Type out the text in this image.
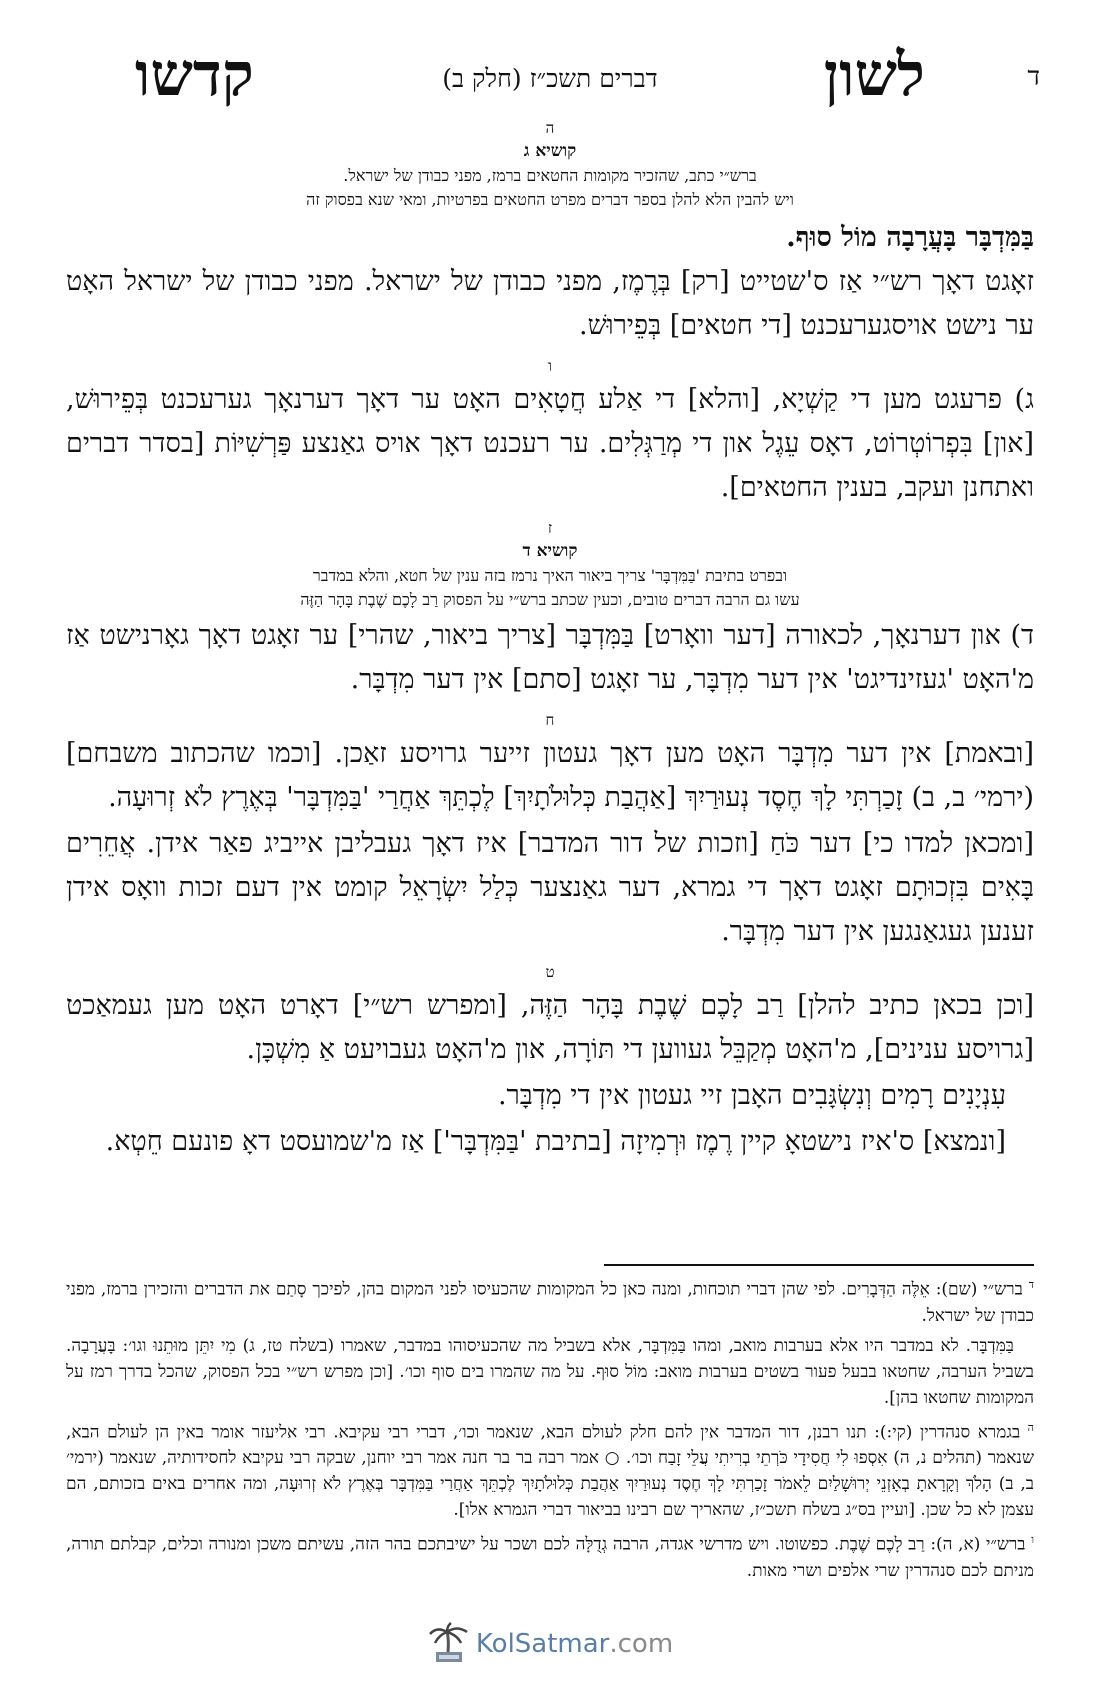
ד
לשון
דברים תשכ״ז (חלק ב)
קדשו

ה

קושיא ג

ברש״י כתב, שהזכיר מקומות החטאים ברמז, מפני כבודן של ישראל.

ויש להבין הלא להלן בספר דברים מפרט החטאים בפרטיות, ומאי שנא בפסוק זה

בַּמִּדְבָּר בָּעֲרָבָה מוֹל סוּף.

זאָגט דאָך רש״י אַז ס'שטייט [רק] בְּרֶמֶז, מפני כבודן של ישראל. מפני כבודן של ישראל האָט ער נישט אויסגערעכנט [די חטאים] בְּפֵירוּשׁ.

ו

ג) פרעגט מען די קַשְׁיָא, [והלא] די אַלע חֲטָאִים האָט ער דאָך דערנאָך גערעכנט בְּפֵירוּשׁ, [און] בִּפְרוֹטְרוֹט, דאָס עֵגֶל און די מְרַגְּלִים. ער רעכנט דאָך אויס גאַנצע פַּרְשִׁיּוֹת [בסדר דברים ואתחנן ועקב, בענין החטאים].

ז

קושיא ד

ובפרט בתיבת 'בַּמִּדְבָּר' צריך ביאור האיך נרמז בזה ענין של חטא, והלא במדבר

עשו גם הרבה דברים טובים, וכעין שכתב ברש״י על הפסוק רַב לָכֶם שֶׁבֶת בָּהָר הַזֶּה

ד) און דערנאָך, לכאורה [דער וואָרט] בַּמִּדְבָּר [צריך ביאור, שהרי] ער זאָגט דאָך גאָרנישט אַז מ'האָט 'געזינדיגט' אין דער מִדְבָּר, ער זאָגט [סתם] אין דער מִדְבָּר.

ח

[ובאמת] אין דער מִדְבָּר האָט מען דאָך געטון זייער גרויסע זאַכן. [וכמו שהכתוב משבחם] (ירמי׳ ב, ב) זָכַרְתִּי לָךְ חֶסֶד נְעוּרַיִךְ [אַהֲבַת כְּלוּלֹתָיִךְ] לֶכְתֵּךְ אַחֲרַי 'בַּמִּדְבָּר' בְּאֶרֶץ לֹא זְרוּעָה.

[ומכאן למדו כי] דער כֹּחַ [וזכות של דור המדבר] איז דאָך געבליבן אייביג פאַר אידן. אֲחֵרִים בָּאִים בִּזְכוּתָם זאָגט דאָך די גמרא, דער גאַנצער כְּלַל יִשְׂרָאֵל קומט אין דעם זכות וואָס אידן זענען געגאַנגען אין דער מִדְבָּר.

ט

[וכן בכאן כתיב להלן] רַב לָכֶם שֶׁבֶת בָּהָר הַזֶּה, [ומפרש רש״י] דאָרט האָט מען געמאַכט [גרויסע ענינים], מ'האָט מְקַבֵּל געווען די תּוֹרָה, און מ'האָט געבויעט אַ מִשְׁכָּן.

עִנְיָנִים רָמִים וְנִשְׂגָּבִים האָבן זיי געטון אין די מִדְבָּר.

[ונמצא] ס'איז נישטאָ קיין רֶמֶז וּרְמִיזָה [בתיבת 'בַּמִּדְבָּר'] אַז מ'שמועסט דאָ פונעם חֵטְא.

$^ד$ ברש״י (שם): אֵלֶּה הַדְּבָרִים. לפי שהן דברי תוכחות, ומנה כאן כל המקומות שהכעיסו לפני המקום בהן, לפיכך סָתַם את הדברים והזכירן ברמז, מפני כבודן של ישראל.

בַּמִּדְבָּר. לא במדבר היו אלא בערבות מואב, ומהו בַּמִּדְבָּר, אלא בשביל מה שהכעיסוהו במדבר, שאמרו (בשלח טז, ג) מִי יִתֵּן מוּתֵנוּ וגו׳: בָּעֲרָבָה. בשביל הערבה, שחטאו בבעל פעור בשטים בערבות מואב: מוֹל סוּף. על מה שהמרו בים סוף וכו׳. [וכן מפרש רש״י בכל הפסוק, שהכל בדרך רמז על המקומות שחטאו בהן].

$^ה$ בגמרא סנהדרין (קי:): תנו רבנן, דור המדבר אין להם חלק לעולם הבא, שנאמר וכו׳, דברי רבי עקיבא. רבי אליעזר אומר באין הן לעולם הבא, שנאמר (תהלים נ, ה) אִסְפוּ לִי חֲסִידָי כֹּרְתֵי בְרִיתִי עֲלֵי זָבַח וכו׳. ○ אמר רבה בר בר חנה אמר רבי יוחנן, שבקה רבי עקיבא לחסידותיה, שנאמר (ירמי׳ ב, ב) הָלֹךְ וְקָרָאתָ בְאָזְנֵי יְרוּשָׁלַיִם לֵאמֹר זָכַרְתִּי לָךְ חֶסֶד נְעוּרַיִךְ אַהֲבַת כְּלוּלֹתָיִךְ לֶכְתֵּךְ אַחֲרַי בַּמִּדְבָּר בְּאֶרֶץ לֹא זְרוּעָה, ומה אחרים באים בזכותם, הם עצמן לא כל שכן. [ועיין בס״ג בשלח תשכ״ז, שהאריך שם רבינו בביאור דברי הגמרא אלו].

$^ו$ ברש״י (א, ה): רַב לָכֶם שֶׁבֶת. כפשוטו. ויש מדרשי אגדה, הרבה גְדֻלָּה לכם ושכר על ישיבתכם בהר הזה, עשיתם משכן ומנורה וכלים, קבלתם תורה, מניתם לכם סנהדרין שרי אלפים ושרי מאות.

KolSatmar.com
